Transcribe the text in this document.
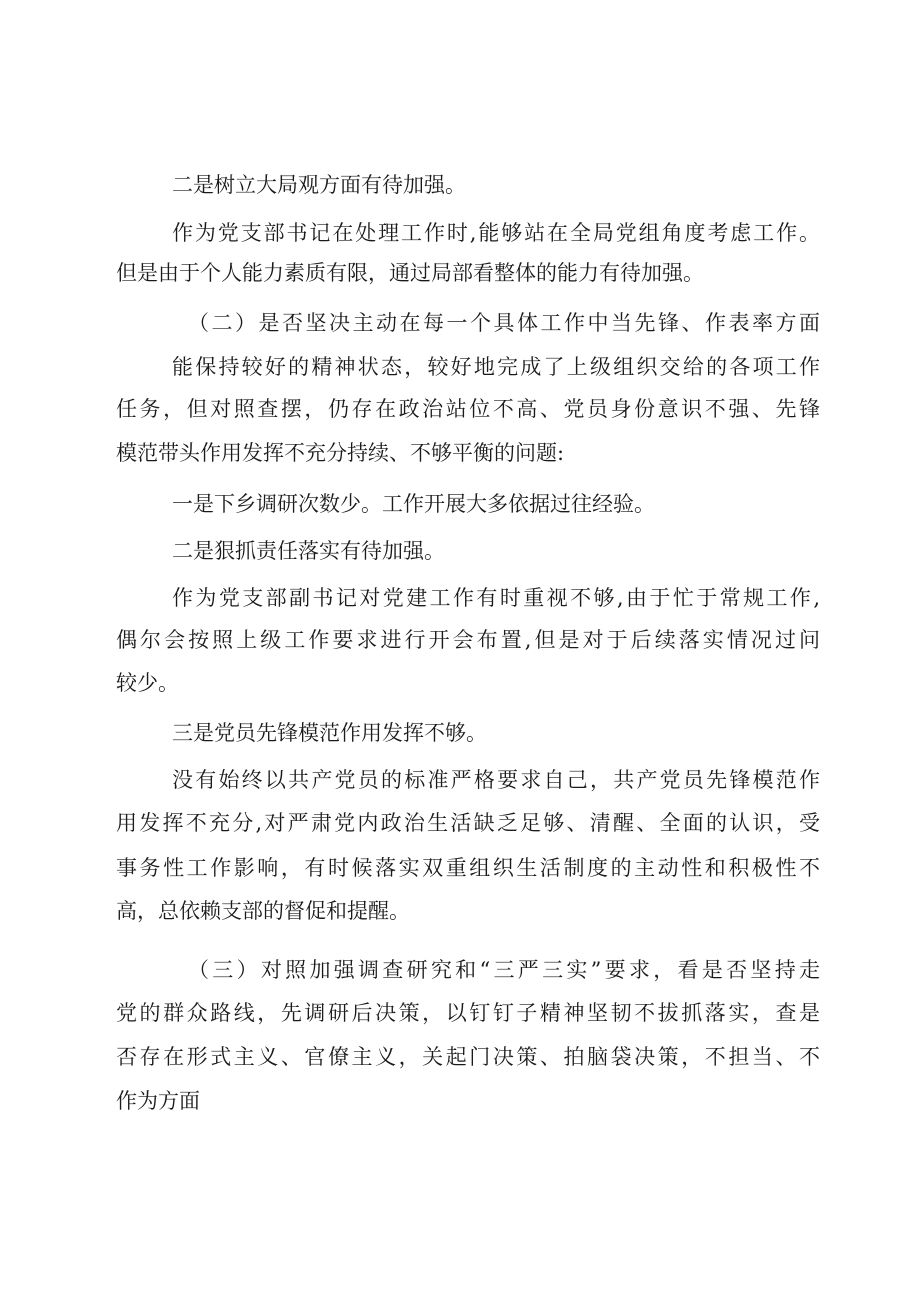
二是树立大局观方面有待加强。
作为党支部书记在处理工作时,能够站在全局党组角度考虑工作。
但是由于个人能力素质有限，通过局部看整体的能力有待加强。
（二）是否坚决主动在每一个具体工作中当先锋、作表率方面
能保持较好的精神状态，较好地完成了上级组织交给的各项工作
任务，但对照查摆，仍存在政治站位不高、党员身份意识不强、先锋
模范带头作用发挥不充分持续、不够平衡的问题:
一是下乡调研次数少。工作开展大多依据过往经验。
二是狠抓责任落实有待加强。
作为党支部副书记对党建工作有时重视不够,由于忙于常规工作,
偶尔会按照上级工作要求进行开会布置,但是对于后续落实情况过问
较少。
三是党员先锋模范作用发挥不够。
没有始终以共产党员的标准严格要求自己，共产党员先锋模范作
用发挥不充分,对严肃党内政治生活缺乏足够、清醒、全面的认识，受
事务性工作影响，有时候落实双重组织生活制度的主动性和积极性不
高，总依赖支部的督促和提醒。
（三）对照加强调查研究和“三严三实”要求，看是否坚持走
党的群众路线，先调研后决策，以钉钉子精神坚韧不拔抓落实，查是
否存在形式主义、官僚主义，关起门决策、拍脑袋决策，不担当、不
作为方面
